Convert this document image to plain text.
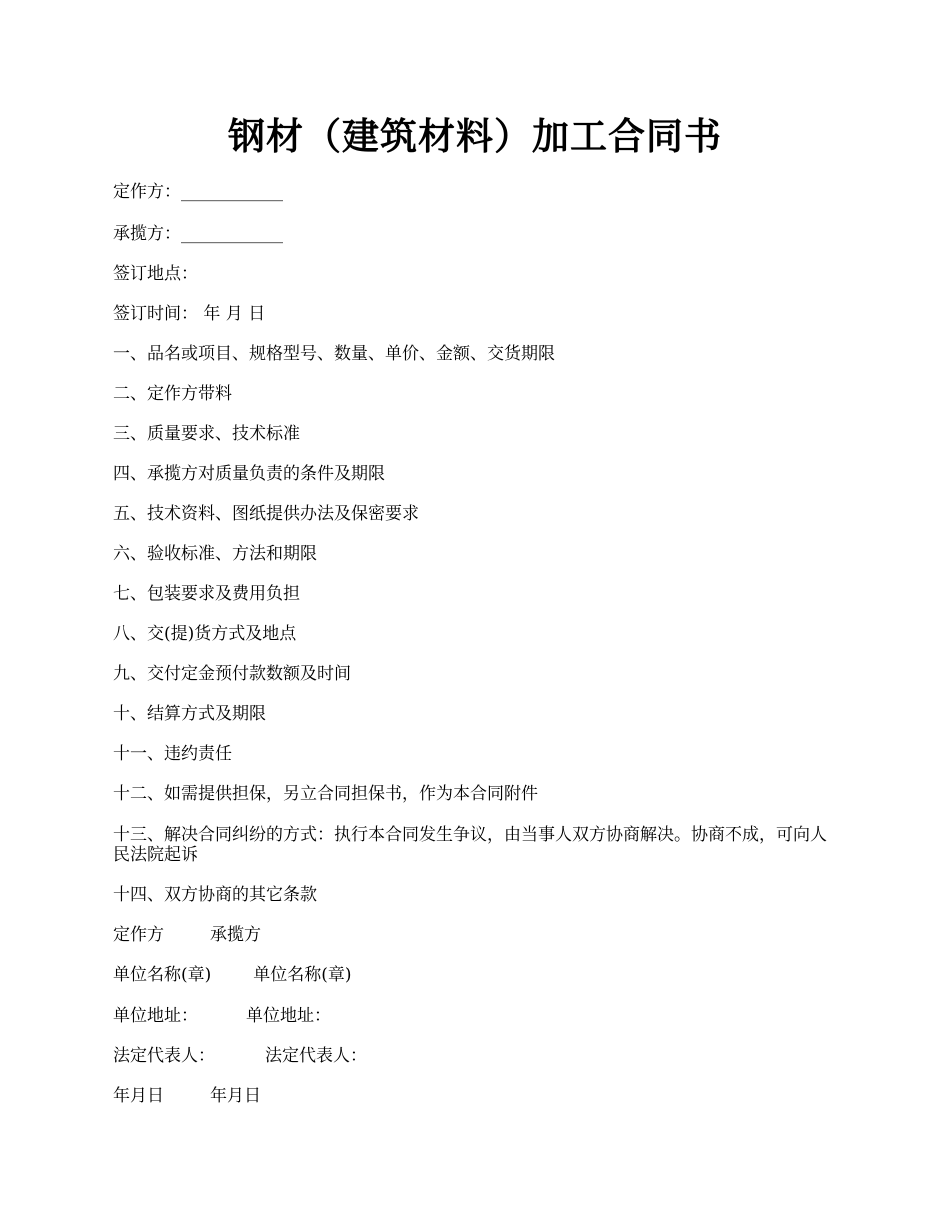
钢材（建筑材料）加工合同书
定作方：____________
承揽方：____________
签订地点：
签订时间： 年 月 日
一、品名或项目、规格型号、数量、单价、金额、交货期限
二、定作方带料
三、质量要求、技术标准
四、承揽方对质量负责的条件及期限
五、技术资料、图纸提供办法及保密要求
六、验收标准、方法和期限
七、包装要求及费用负担
八、交(提)货方式及地点
九、交付定金预付款数额及时间
十、结算方式及期限
十一、违约责任
十二、如需提供担保，另立合同担保书，作为本合同附件
十三、解决合同纠纷的方式：执行本合同发生争议，由当事人双方协商解决。协商不成，可向人民法院起诉
十四、双方协商的其它条款
定作方	承揽方
单位名称(章) 单位名称(章)
单位地址：	单位地址：
法定代表人：	法定代表人：
年月日	年月日
